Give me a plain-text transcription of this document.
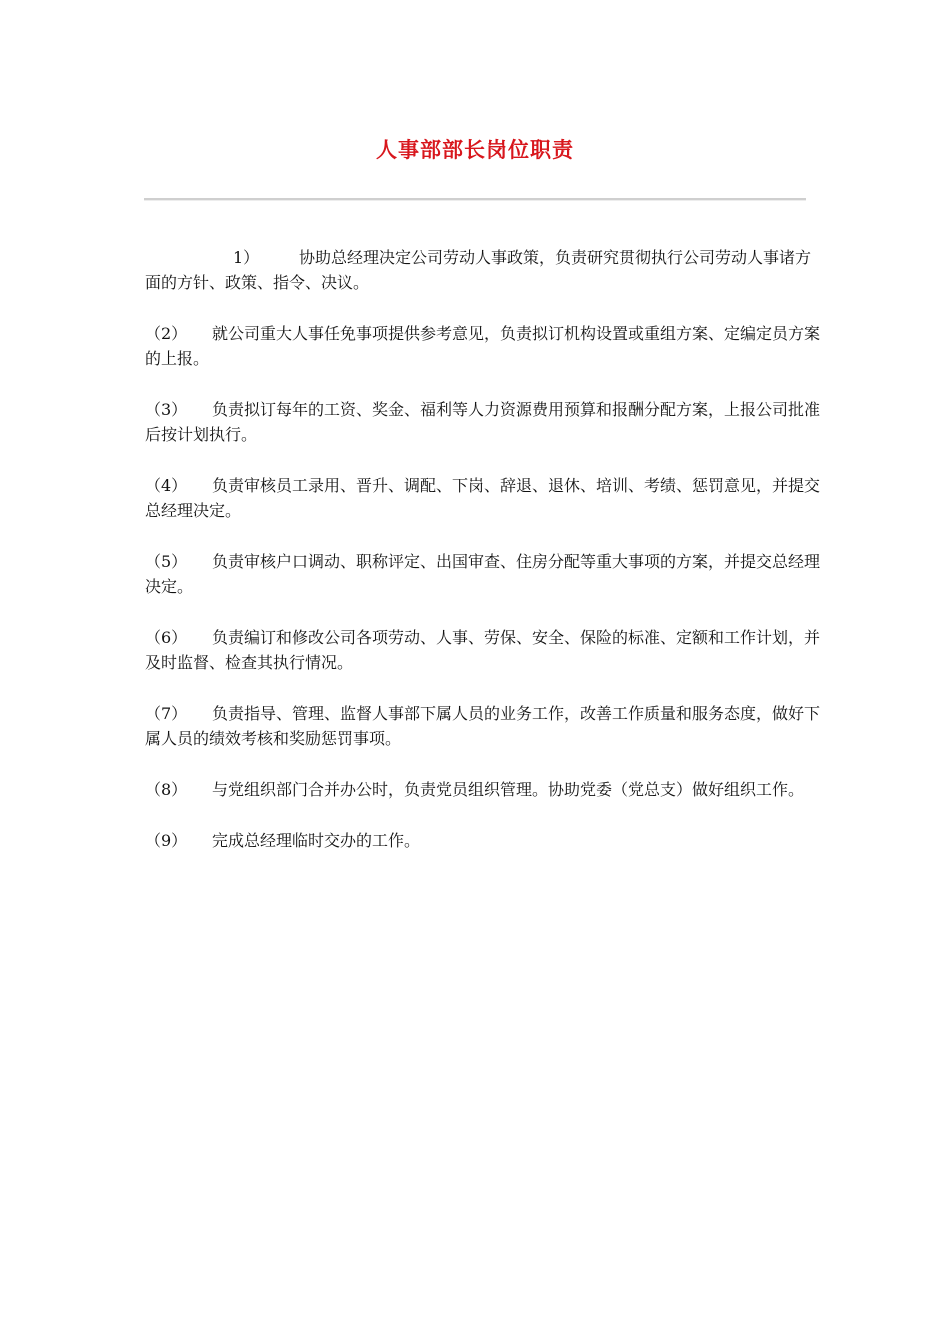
人事部部长岗位职责

1） 协助总经理决定公司劳动人事政策，负责研究贯彻执行公司劳动人事诸方面的方针、政策、指令、决议。

（2） 就公司重大人事任免事项提供参考意见，负责拟订机构设置或重组方案、定编定员方案的上报。

（3） 负责拟订每年的工资、奖金、福利等人力资源费用预算和报酬分配方案，上报公司批准后按计划执行。

（4） 负责审核员工录用、晋升、调配、下岗、辞退、退休、培训、考绩、惩罚意见，并提交总经理决定。

（5） 负责审核户口调动、职称评定、出国审查、住房分配等重大事项的方案，并提交总经理决定。

（6） 负责编订和修改公司各项劳动、人事、劳保、安全、保险的标准、定额和工作计划，并及时监督、检查其执行情况。

（7） 负责指导、管理、监督人事部下属人员的业务工作，改善工作质量和服务态度，做好下属人员的绩效考核和奖励惩罚事项。

（8） 与党组织部门合并办公时，负责党员组织管理。协助党委（党总支）做好组织工作。

（9） 完成总经理临时交办的工作。
